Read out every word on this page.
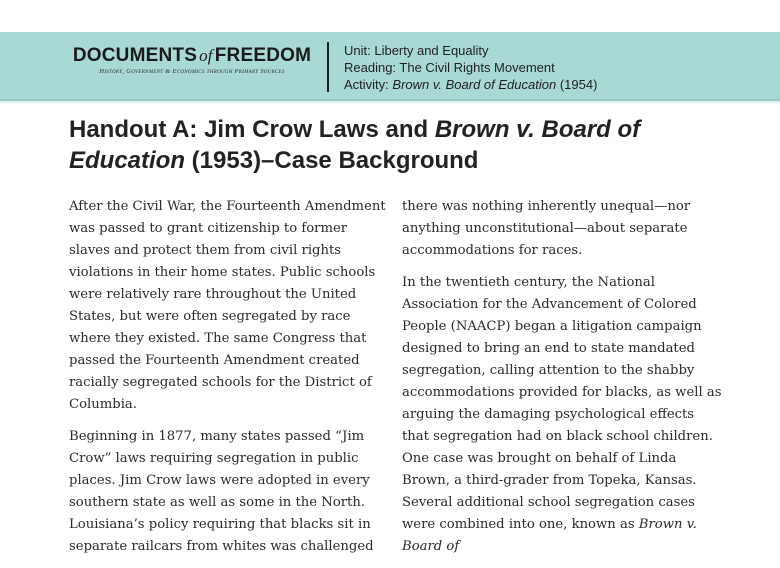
DOCUMENTS of FREEDOM
History, Government & Economics through Primary Sources
Unit: Liberty and Equality
Reading: The Civil Rights Movement
Activity: Brown v. Board of Education (1954)
Handout A: Jim Crow Laws and Brown v. Board of Education (1953)–Case Background

After the Civil War, the Fourteenth Amendment was passed to grant citizenship to former slaves and protect them from civil rights violations in their home states. Public schools were relatively rare throughout the United States, but were often segregated by race where they existed. The same Congress that passed the Fourteenth Amendment created racially segregated schools for the District of Columbia.

Beginning in 1877, many states passed “Jim Crow” laws requiring segregation in public places. Jim Crow laws were adopted in every southern state as well as some in the North. Louisiana’s policy requiring that blacks sit in separate railcars from whites was challenged

there was nothing inherently unequal—nor anything unconstitutional—about separate accommodations for races.

In the twentieth century, the National Association for the Advancement of Colored People (NAACP) began a litigation campaign designed to bring an end to state mandated segregation, calling attention to the shabby accommodations provided for blacks, as well as arguing the damaging psychological effects that segregation had on black school children. One case was brought on behalf of Linda Brown, a third-grader from Topeka, Kansas. Several additional school segregation cases were combined into one, known as Brown v. Board of
